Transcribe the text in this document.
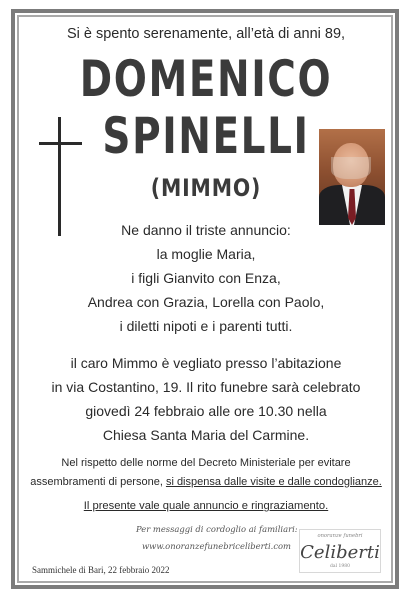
Si è spento serenamente, all’età di anni 89,
DOMENICO
SPINELLI
(MIMMO)
Ne danno il triste annuncio:
la moglie Maria,
i figli Gianvito con Enza,
Andrea con Grazia, Lorella con Paolo,
i diletti nipoti e i parenti tutti.
il caro Mimmo è vegliato presso l’abitazione
in via Costantino, 19. Il rito funebre sarà celebrato
giovedì 24 febbraio alle ore 10.30 nella
Chiesa Santa Maria del Carmine.
Nel rispetto delle norme del Decreto Ministeriale per evitare
assembramenti di persone, si dispensa dalle visite e dalle condoglianze.
Il presente vale quale annuncio e ringraziamento.
Per messaggi di cordoglio ai familiari:
www.onoranzefunebriceliberti.com
Sammichele di Bari, 22 febbraio 2022
onoranze funebri
Celiberti
dal 1980
